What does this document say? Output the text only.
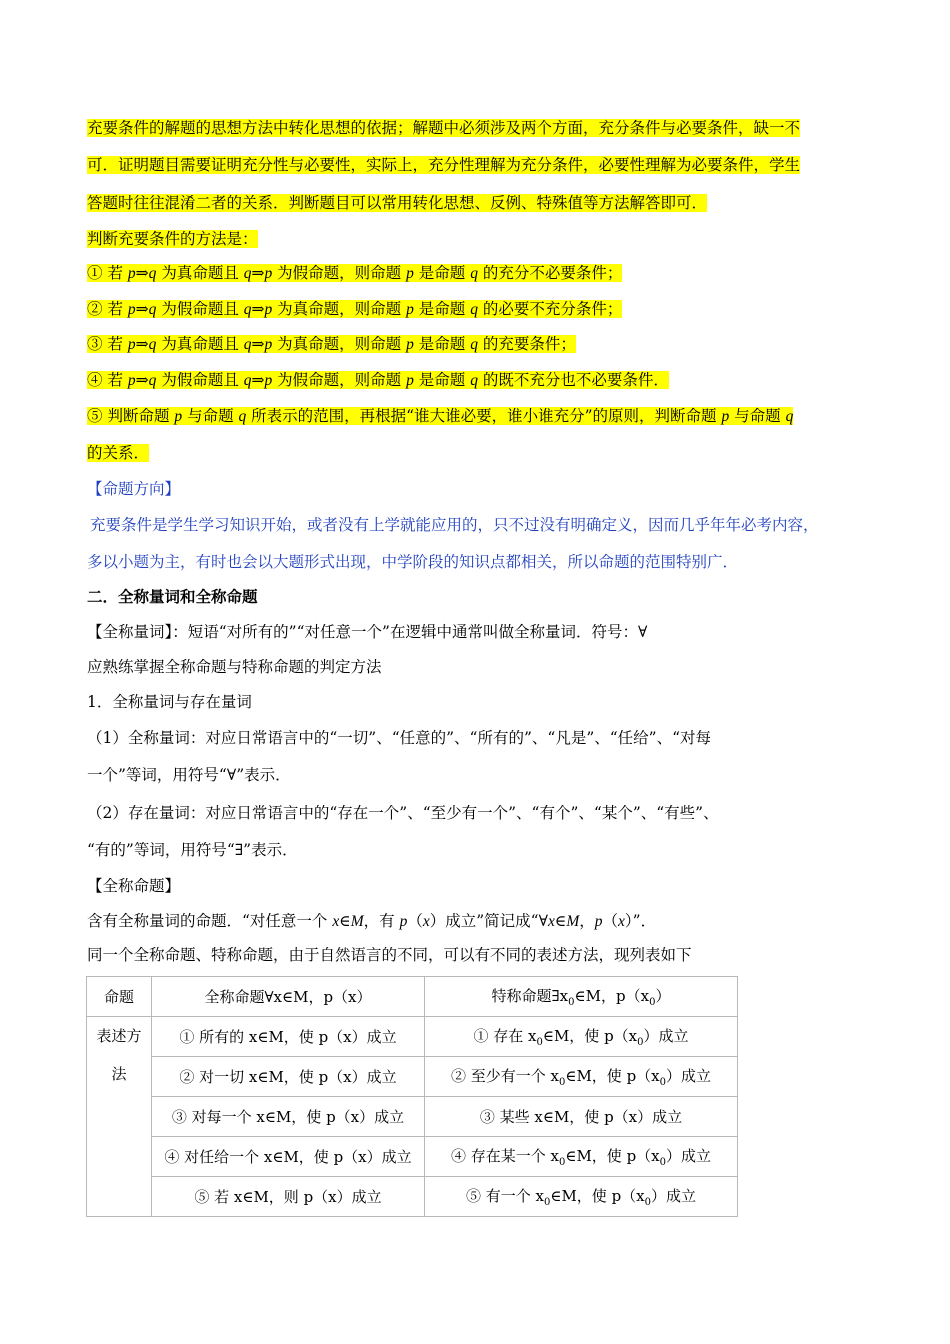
充要条件的解题的思想方法中转化思想的依据；解题中必须涉及两个方面，充分条件与必要条件，缺一不
可．证明题目需要证明充分性与必要性，实际上，充分性理解为充分条件，必要性理解为必要条件，学生
答题时往往混淆二者的关系．判断题目可以常用转化思想、反例、特殊值等方法解答即可．
判断充要条件的方法是：
① 若 p⇒q 为真命题且 q⇒p 为假命题，则命题 p 是命题 q 的充分不必要条件；
② 若 p⇒q 为假命题且 q⇒p 为真命题，则命题 p 是命题 q 的必要不充分条件；
③ 若 p⇒q 为真命题且 q⇒p 为真命题，则命题 p 是命题 q 的充要条件；
④ 若 p⇒q 为假命题且 q⇒p 为假命题，则命题 p 是命题 q 的既不充分也不必要条件．
⑤ 判断命题 p 与命题 q 所表示的范围，再根据“谁大谁必要，谁小谁充分”的原则，判断命题 p 与命题 q
的关系．
【命题方向】
充要条件是学生学习知识开始，或者没有上学就能应用的，只不过没有明确定义，因而几乎年年必考内容，
多以小题为主，有时也会以大题形式出现，中学阶段的知识点都相关，所以命题的范围特别广．
二．全称量词和全称命题
【全称量词】：短语“对所有的”“对任意一个”在逻辑中通常叫做全称量词．符号：∀
应熟练掌握全称命题与特称命题的判定方法
1．全称量词与存在量词
（1）全称量词：对应日常语言中的“一切”、“任意的”、“所有的”、“凡是”、“任给”、“对每
一个”等词，用符号“∀”表示．
（2）存在量词：对应日常语言中的“存在一个”、“至少有一个”、“有个”、“某个”、“有些”、
“有的”等词，用符号“∃”表示．
【全称命题】
含有全称量词的命题．“对任意一个 x∈M，有 p（x）成立”简记成“∀x∈M，p（x）”．
同一个全称命题、特称命题，由于自然语言的不同，可以有不同的表述方法，现列表如下
命题	全称命题∀x∈M，p（x）	特称命题$\exists x_0\in M$，$p(x_0)$
表述方
法	① 所有的 x∈M，使 p（x）成立	① 存在 $x_0\in M$，使 $p(x_0)$成立
	② 对一切 x∈M，使 p（x）成立	② 至少有一个 $x_0\in M$，使 $p(x_0)$成立
	③ 对每一个 x∈M，使 p（x）成立	③ 某些 x∈M，使 p（x）成立
	④ 对任给一个 x∈M，使 p（x）成立	④ 存在某一个 $x_0\in M$，使 $p(x_0)$成立
	⑤ 若 x∈M，则 p（x）成立	⑤ 有一个 $x_0\in M$，使 $p(x_0)$成立
